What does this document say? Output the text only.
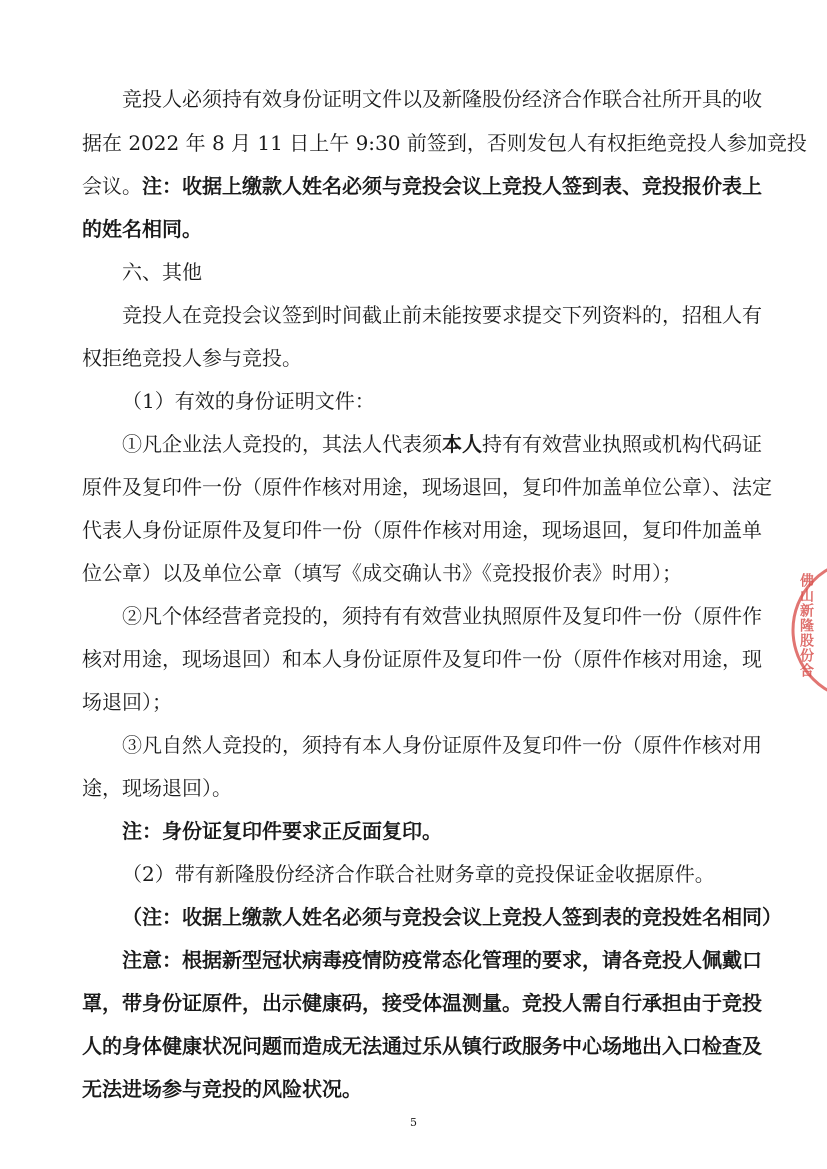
竞投人必须持有效身份证明文件以及新隆股份经济合作联合社所开具的收
据在 2022 年 8 月 11 日上午 9:30 前签到，否则发包人有权拒绝竞投人参加竞投
会议。注：收据上缴款人姓名必须与竞投会议上竞投人签到表、竞投报价表上
的姓名相同。
六、其他
竞投人在竞投会议签到时间截止前未能按要求提交下列资料的，招租人有
权拒绝竞投人参与竞投。
（1）有效的身份证明文件：
①凡企业法人竞投的，其法人代表须本人持有有效营业执照或机构代码证
原件及复印件一份（原件作核对用途，现场退回，复印件加盖单位公章）、法定
代表人身份证原件及复印件一份（原件作核对用途，现场退回，复印件加盖单
位公章）以及单位公章（填写《成交确认书》《竞投报价表》时用）；
②凡个体经营者竞投的，须持有有效营业执照原件及复印件一份（原件作
核对用途，现场退回）和本人身份证原件及复印件一份（原件作核对用途，现
场退回）；
③凡自然人竞投的，须持有本人身份证原件及复印件一份（原件作核对用
途，现场退回）。
注：身份证复印件要求正反面复印。
（2）带有新隆股份经济合作联合社财务章的竞投保证金收据原件。
（注：收据上缴款人姓名必须与竞投会议上竞投人签到表的竞投姓名相同）
注意：根据新型冠状病毒疫情防疫常态化管理的要求，请各竞投人佩戴口
罩，带身份证原件，出示健康码，接受体温测量。竞投人需自行承担由于竞投
人的身体健康状况问题而造成无法通过乐从镇行政服务中心场地出入口检查及
无法进场参与竞投的风险状况。
5
佛山新隆股份合
